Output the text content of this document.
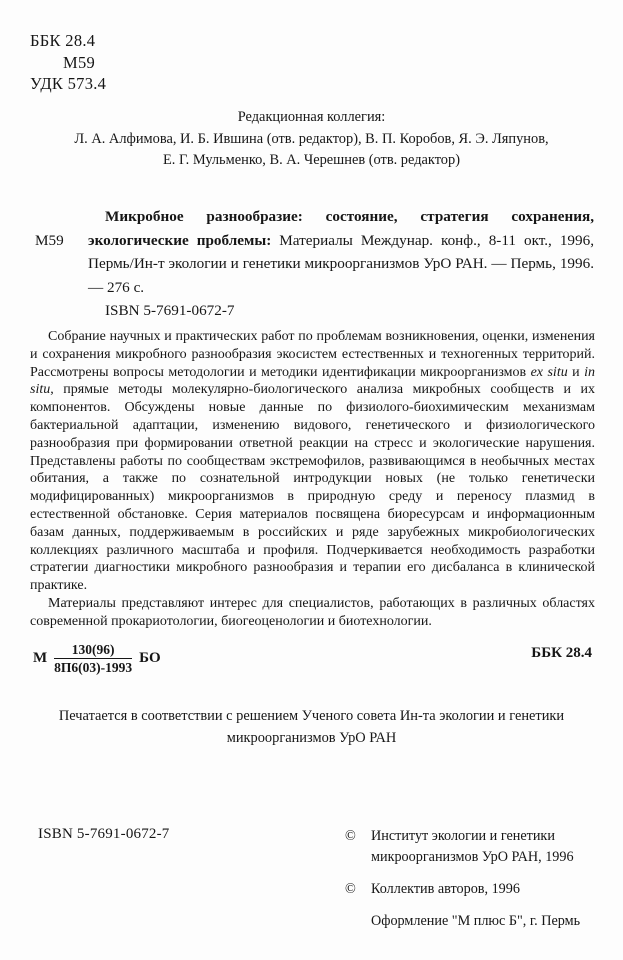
ББК 28.4
М59
УДК 573.4
Редакционная коллегия:
Л. А. Алфимова, И. Б. Ившина (отв. редактор), В. П. Коробов, Я. Э. Ляпунов,
Е. Г. Мульменко, В. А. Черешнев (отв. редактор)
М59

Микробное разнообразие: состояние, стратегия сохранения, экологические проблемы: Материалы Междунар. конф., 8-11 окт., 1996, Пермь/Ин-т экологии и генетики микроорганизмов УрО РАН. — Пермь, 1996. — 276 с.

ISBN 5-7691-0672-7

Собрание научных и практических работ по проблемам возникновения, оценки, изменения и сохранения микробного разнообразия экосистем естественных и техногенных территорий. Рассмотрены вопросы методологии и методики идентификации микроорганизмов ex situ и in situ, прямые методы молекулярно-биологического анализа микробных сообществ и их компонентов. Обсуждены новые данные по физиолого-биохимическим механизмам бактериальной адаптации, изменению видового, генетического и физиологического разнообразия при формировании ответной реакции на стресс и экологические нарушения. Представлены работы по сообществам экстремофилов, развивающимся в необычных местах обитания, а также по сознательной интродукции новых (не только генетически модифицированных) микроорганизмов в природную среду и переносу плазмид в естественной обстановке. Серия материалов посвящена биоресурсам и информационным базам данных, поддерживаемым в российских и ряде зарубежных микробиологических коллекциях различного масштаба и профиля. Подчеркивается необходимость разработки стратегии диагностики микробного разнообразия и терапии его дисбаланса в клинической практике.

Материалы представляют интерес для специалистов, работающих в различных областях современной прокариотологии, биогеоценологии и биотехнологии.

М $\frac{130(96)}{8П6(03)-1993}$ БО	ББК 28.4
Печатается в соответствии с решением Ученого совета Ин-та экологии и генетики
микроорганизмов УрО РАН
ISBN 5-7691-0672-7	©	Институт экологии и генетики
микроорганизмов УрО РАН, 1996
©	Коллектив авторов, 1996
Оформление "М плюс Б", г. Пермь
